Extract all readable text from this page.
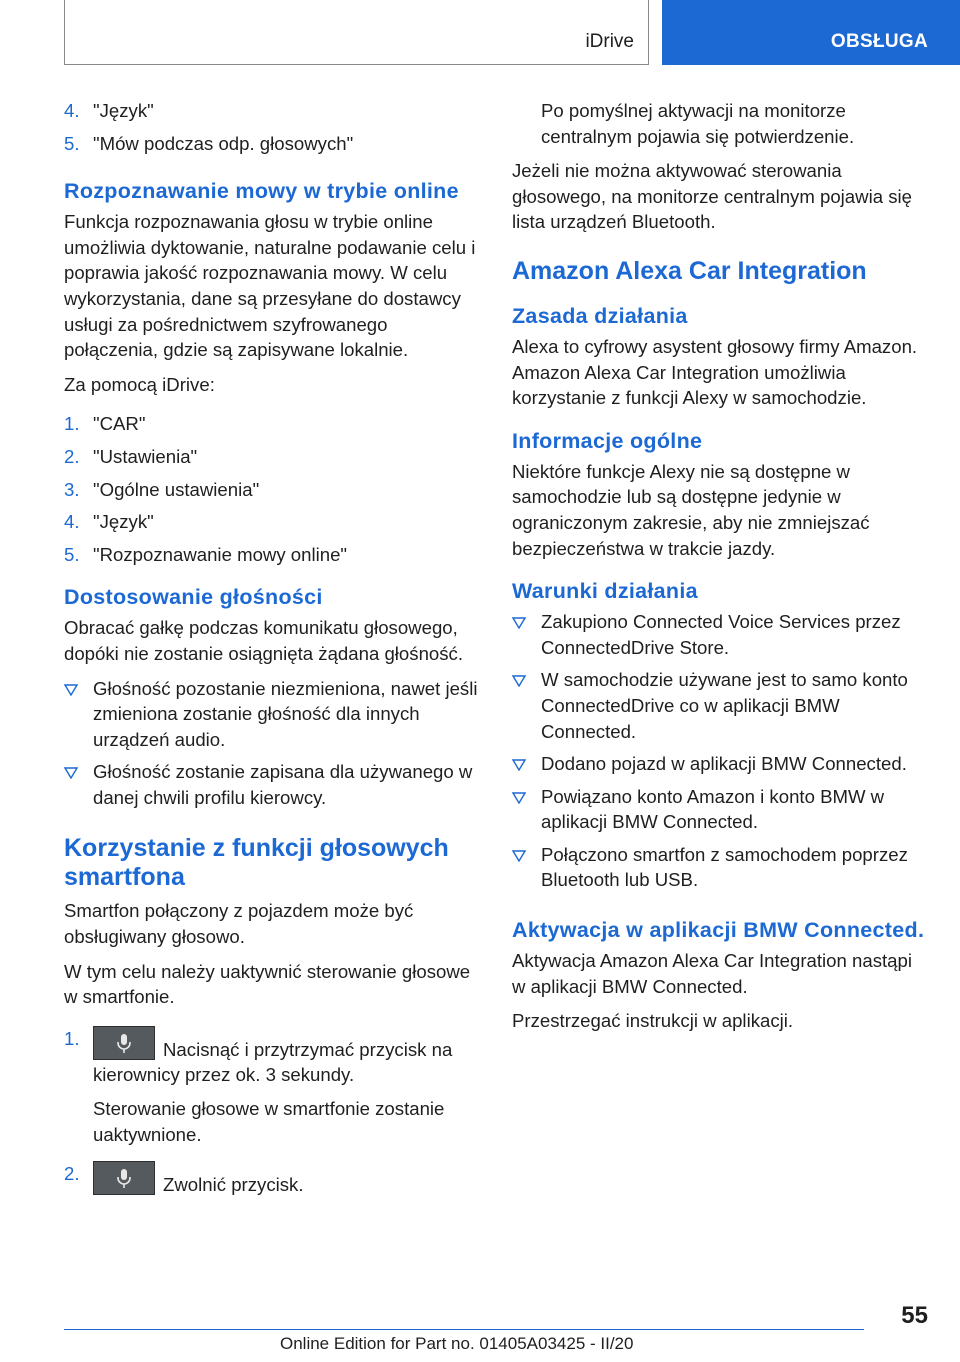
iDrive	OBSŁUGA
4. "Język"
5. "Mów podczas odp. głosowych"
Rozpoznawanie mowy w trybie online

Funkcja rozpoznawania głosu w trybie online umożliwia dyktowanie, naturalne podawanie celu i poprawia jakość rozpoznawania mowy. W celu wykorzystania, dane są przesyłane do dostawcy usługi za pośrednictwem szyfrowanego połączenia, gdzie są zapisywane lokalnie.

Za pomocą iDrive:

1. "CAR"
2. "Ustawienia"
3. "Ogólne ustawienia"
4. "Język"
5. "Rozpoznawanie mowy online"
Dostosowanie głośności

Obracać gałkę podczas komunikatu głosowego, dopóki nie zostanie osiągnięta żądana głośność.

Głośność pozostanie niezmieniona, nawet jeśli zmieniona zostanie głośność dla innych urządzeń audio.
Głośność zostanie zapisana dla używanego w danej chwili profilu kierowcy.
Korzystanie z funkcji głosowych smartfona

Smartfon połączony z pojazdem może być obsługiwany głosowo.

W tym celu należy uaktywnić sterowanie głosowe w smartfonie.

1.
Nacisnąć i przytrzymać przycisk na kierownicy przez ok. 3 sekundy.
Sterowanie głosowe w smartfonie zostanie uaktywnione.
2.
Zwolnić przycisk.

Po pomyślnej aktywacji na monitorze centralnym pojawia się potwierdzenie.

Jeżeli nie można aktywować sterowania głosowego, na monitorze centralnym pojawia się lista urządzeń Bluetooth.

Amazon Alexa Car Integration
Zasada działania

Alexa to cyfrowy asystent głosowy firmy Amazon. Amazon Alexa Car Integration umożliwia korzystanie z funkcji Alexy w samochodzie.

Informacje ogólne

Niektóre funkcje Alexy nie są dostępne w samochodzie lub są dostępne jedynie w ograniczonym zakresie, aby nie zmniejszać bezpieczeństwa w trakcie jazdy.

Warunki działania
Zakupiono Connected Voice Services przez ConnectedDrive Store.
W samochodzie używane jest to samo konto ConnectedDrive co w aplikacji BMW Connected.
Dodano pojazd w aplikacji BMW Connected.
Powiązano konto Amazon i konto BMW w aplikacji BMW Connected.
Połączono smartfon z samochodem poprzez Bluetooth lub USB.
Aktywacja w aplikacji BMW Connected.

Aktywacja Amazon Alexa Car Integration nastąpi w aplikacji BMW Connected.

Przestrzegać instrukcji w aplikacji.

55
Online Edition for Part no. 01405A03425 - II/20
